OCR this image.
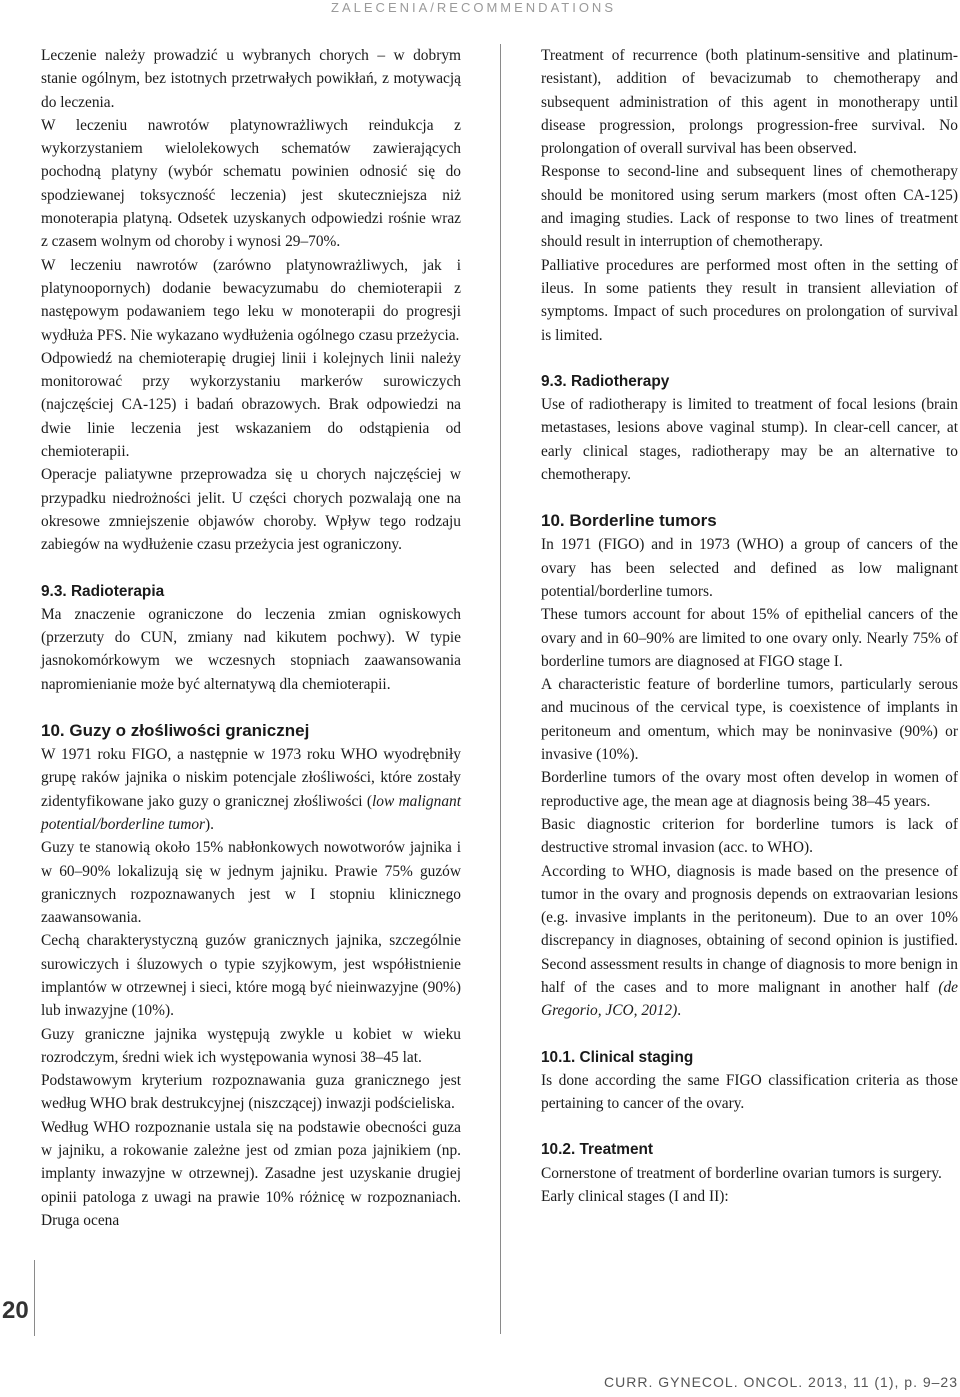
ZALECENIA/RECOMMENDATIONS
20

Leczenie należy prowadzić u wybranych chorych – w dobrym stanie ogólnym, bez istotnych przetrwałych powikłań, z motywacją do leczenia.

W leczeniu nawrotów platynowrażliwych reindukcja z wykorzystaniem wielolekowych schematów zawierających pochodną platyny (wybór schematu powinien odnosić się do spodziewanej toksyczność leczenia) jest skuteczniejsza niż monoterapia platyną. Odsetek uzyskanych odpowiedzi rośnie wraz z czasem wolnym od choroby i wynosi 29–70%.

W leczeniu nawrotów (zarówno platynowrażliwych, jak i platynoopornych) dodanie bewacyzumabu do chemioterapii z następowym podawaniem tego leku w monoterapii do progresji wydłuża PFS. Nie wykazano wydłużenia ogólnego czasu przeżycia.

Odpowiedź na chemioterapię drugiej linii i kolejnych linii należy monitorować przy wykorzystaniu markerów surowiczych (najczęściej CA-125) i badań obrazowych. Brak odpowiedzi na dwie linie leczenia jest wskazaniem do odstąpienia od chemioterapii.

Operacje paliatywne przeprowadza się u chorych najczęściej w przypadku niedrożności jelit. U części chorych pozwalają one na okresowe zmniejszenie objawów choroby. Wpływ tego rodzaju zabiegów na wydłużenie czasu przeżycia jest ograniczony.

9.3. Radioterapia

Ma znaczenie ograniczone do leczenia zmian ogniskowych (przerzuty do CUN, zmiany nad kikutem pochwy). W typie jasnokomórkowym we wczesnych stopniach zaawansowania napromienianie może być alternatywą dla chemioterapii.

10. Guzy o złośliwości granicznej

W 1971 roku FIGO, a następnie w 1973 roku WHO wyodrębniły grupę raków jajnika o niskim potencjale złośliwości, które zostały zidentyfikowane jako guzy o granicznej złośliwości (low malignant potential/borderline tumor).

Guzy te stanowią około 15% nabłonkowych nowotworów jajnika i w 60–90% lokalizują się w jednym jajniku. Prawie 75% guzów granicznych rozpoznawanych jest w I stopniu klinicznego zaawansowania.

Cechą charakterystyczną guzów granicznych jajnika, szczególnie surowiczych i śluzowych o typie szyjkowym, jest współistnienie implantów w otrzewnej i sieci, które mogą być nieinwazyjne (90%) lub inwazyjne (10%).

Guzy graniczne jajnika występują zwykle u kobiet w wieku rozrodczym, średni wiek ich występowania wynosi 38–45 lat.

Podstawowym kryterium rozpoznawania guza granicznego jest według WHO brak destrukcyjnej (niszczącej) inwazji podścieliska.

Według WHO rozpoznanie ustala się na podstawie obecności guza w jajniku, a rokowanie zależne jest od zmian poza jajnikiem (np. implanty inwazyjne w otrzewnej). Zasadne jest uzyskanie drugiej opinii patologa z uwagi na prawie 10% różnicę w rozpoznaniach. Druga ocena

Treatment of recurrence (both platinum-sensitive and platinum-resistant), addition of bevacizumab to chemotherapy and subsequent administration of this agent in monotherapy until disease progression, prolongs progression-free survival. No prolongation of overall survival has been observed.

Response to second-line and subsequent lines of chemotherapy should be monitored using serum markers (most often CA-125) and imaging studies. Lack of response to two lines of treatment should result in interruption of chemotherapy.

Palliative procedures are performed most often in the setting of ileus. In some patients they result in transient alleviation of symptoms. Impact of such procedures on prolongation of survival is limited.

9.3. Radiotherapy

Use of radiotherapy is limited to treatment of focal lesions (brain metastases, lesions above vaginal stump). In clear-cell cancer, at early clinical stages, radiotherapy may be an alternative to chemotherapy.

10. Borderline tumors

In 1971 (FIGO) and in 1973 (WHO) a group of cancers of the ovary has been selected and defined as low malignant potential/borderline tumors.

These tumors account for about 15% of epithelial cancers of the ovary and in 60–90% are limited to one ovary only. Nearly 75% of borderline tumors are diagnosed at FIGO stage I.

A characteristic feature of borderline tumors, particularly serous and mucinous of the cervical type, is coexistence of implants in peritoneum and omentum, which may be noninvasive (90%) or invasive (10%).

Borderline tumors of the ovary most often develop in women of reproductive age, the mean age at diagnosis being 38–45 years.

Basic diagnostic criterion for borderline tumors is lack of destructive stromal invasion (acc. to WHO).

According to WHO, diagnosis is made based on the presence of tumor in the ovary and prognosis depends on extraovarian lesions (e.g. invasive implants in the peritoneum). Due to an over 10% discrepancy in diagnoses, obtaining of second opinion is justified. Second assessment results in change of diagnosis to more benign in half of the cases and to more malignant in another half (de Gregorio, JCO, 2012).

10.1. Clinical staging

Is done according the same FIGO classification criteria as those pertaining to cancer of the ovary.

10.2. Treatment

Cornerstone of treatment of borderline ovarian tumors is surgery.

Early clinical stages (I and II):

CURR. GYNECOL. ONCOL. 2013, 11 (1), p. 9–23
